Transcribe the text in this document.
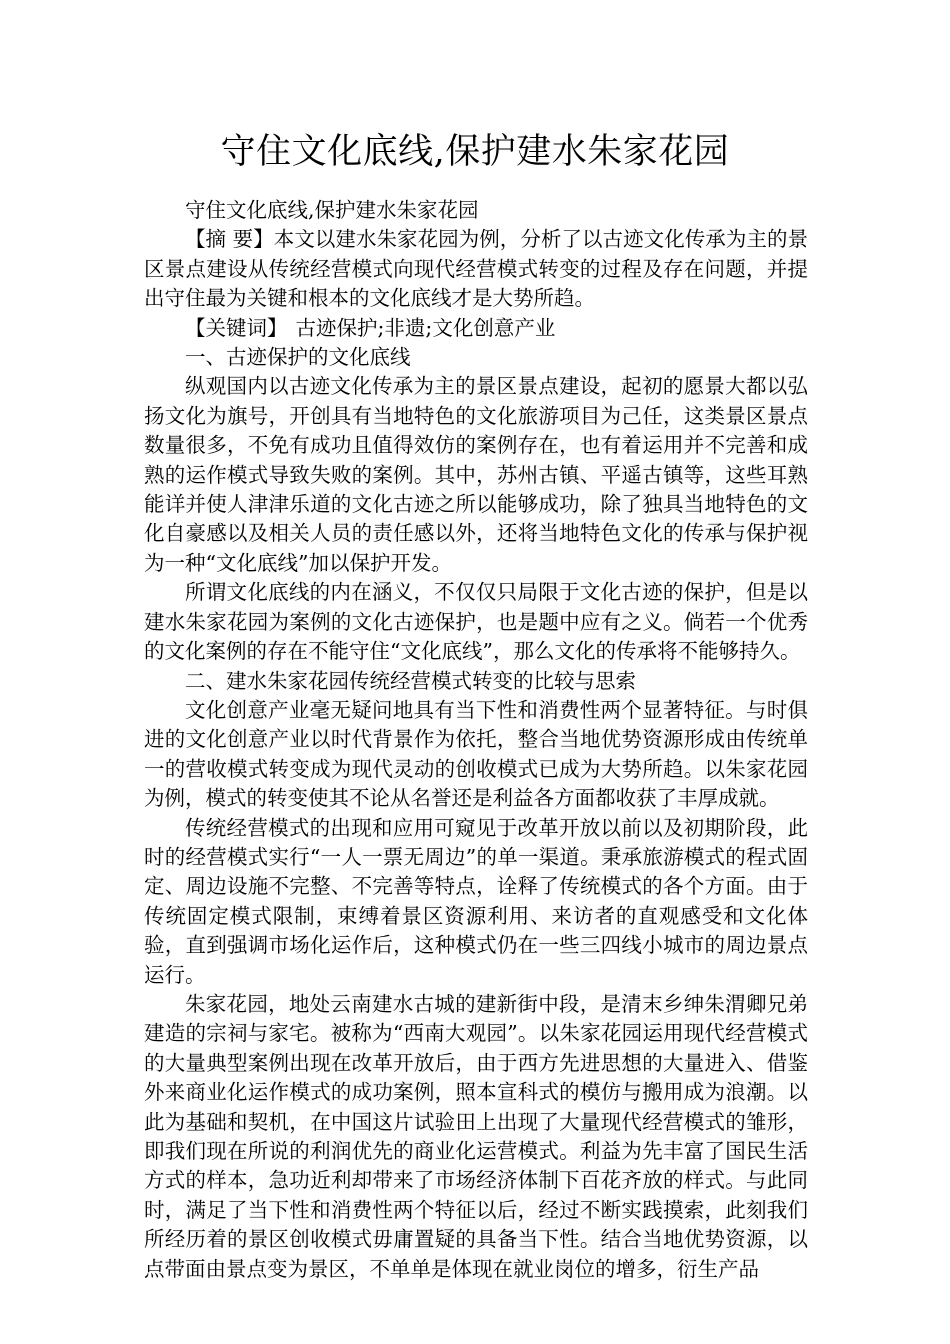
守住文化底线,保护建水朱家花园

守住文化底线,保护建水朱家花园

【摘 要】本文以建水朱家花园为例，分析了以古迹文化传承为主的景区景点建设从传统经营模式向现代经营模式转变的过程及存在问题，并提出守住最为关键和根本的文化底线才是大势所趋。

【关键词】 古迹保护;非遗;文化创意产业

一、古迹保护的文化底线

纵观国内以古迹文化传承为主的景区景点建设，起初的愿景大都以弘扬文化为旗号，开创具有当地特色的文化旅游项目为己任，这类景区景点数量很多，不免有成功且值得效仿的案例存在，也有着运用并不完善和成熟的运作模式导致失败的案例。其中，苏州古镇、平遥古镇等，这些耳熟能详并使人津津乐道的文化古迹之所以能够成功，除了独具当地特色的文化自豪感以及相关人员的责任感以外，还将当地特色文化的传承与保护视为一种“文化底线”加以保护开发。

所谓文化底线的内在涵义，不仅仅只局限于文化古迹的保护，但是以建水朱家花园为案例的文化古迹保护，也是题中应有之义。倘若一个优秀的文化案例的存在不能守住“文化底线”，那么文化的传承将不能够持久。

二、建水朱家花园传统经营模式转变的比较与思索

文化创意产业毫无疑问地具有当下性和消费性两个显著特征。与时俱进的文化创意产业以时代背景作为依托，整合当地优势资源形成由传统单一的营收模式转变成为现代灵动的创收模式已成为大势所趋。以朱家花园为例，模式的转变使其不论从名誉还是利益各方面都收获了丰厚成就。

传统经营模式的出现和应用可窥见于改革开放以前以及初期阶段，此时的经营模式实行“一人一票无周边”的单一渠道。秉承旅游模式的程式固定、周边设施不完整、不完善等特点，诠释了传统模式的各个方面。由于传统固定模式限制，束缚着景区资源利用、来访者的直观感受和文化体验，直到强调市场化运作后，这种模式仍在一些三四线小城市的周边景点运行。

朱家花园，地处云南建水古城的建新街中段，是清末乡绅朱渭卿兄弟建造的宗祠与家宅。被称为“西南大观园”。以朱家花园运用现代经营模式的大量典型案例出现在改革开放后，由于西方先进思想的大量进入、借鉴外来商业化运作模式的成功案例，照本宣科式的模仿与搬用成为浪潮。以此为基础和契机，在中国这片试验田上出现了大量现代经营模式的雏形，即我们现在所说的利润优先的商业化运营模式。利益为先丰富了国民生活方式的样本，急功近利却带来了市场经济体制下百花齐放的样式。与此同时，满足了当下性和消费性两个特征以后，经过不断实践摸索，此刻我们所经历着的景区创收模式毋庸置疑的具备当下性。结合当地优势资源，以点带面由景点变为景区，不单单是体现在就业岗位的增多，衍生产品
